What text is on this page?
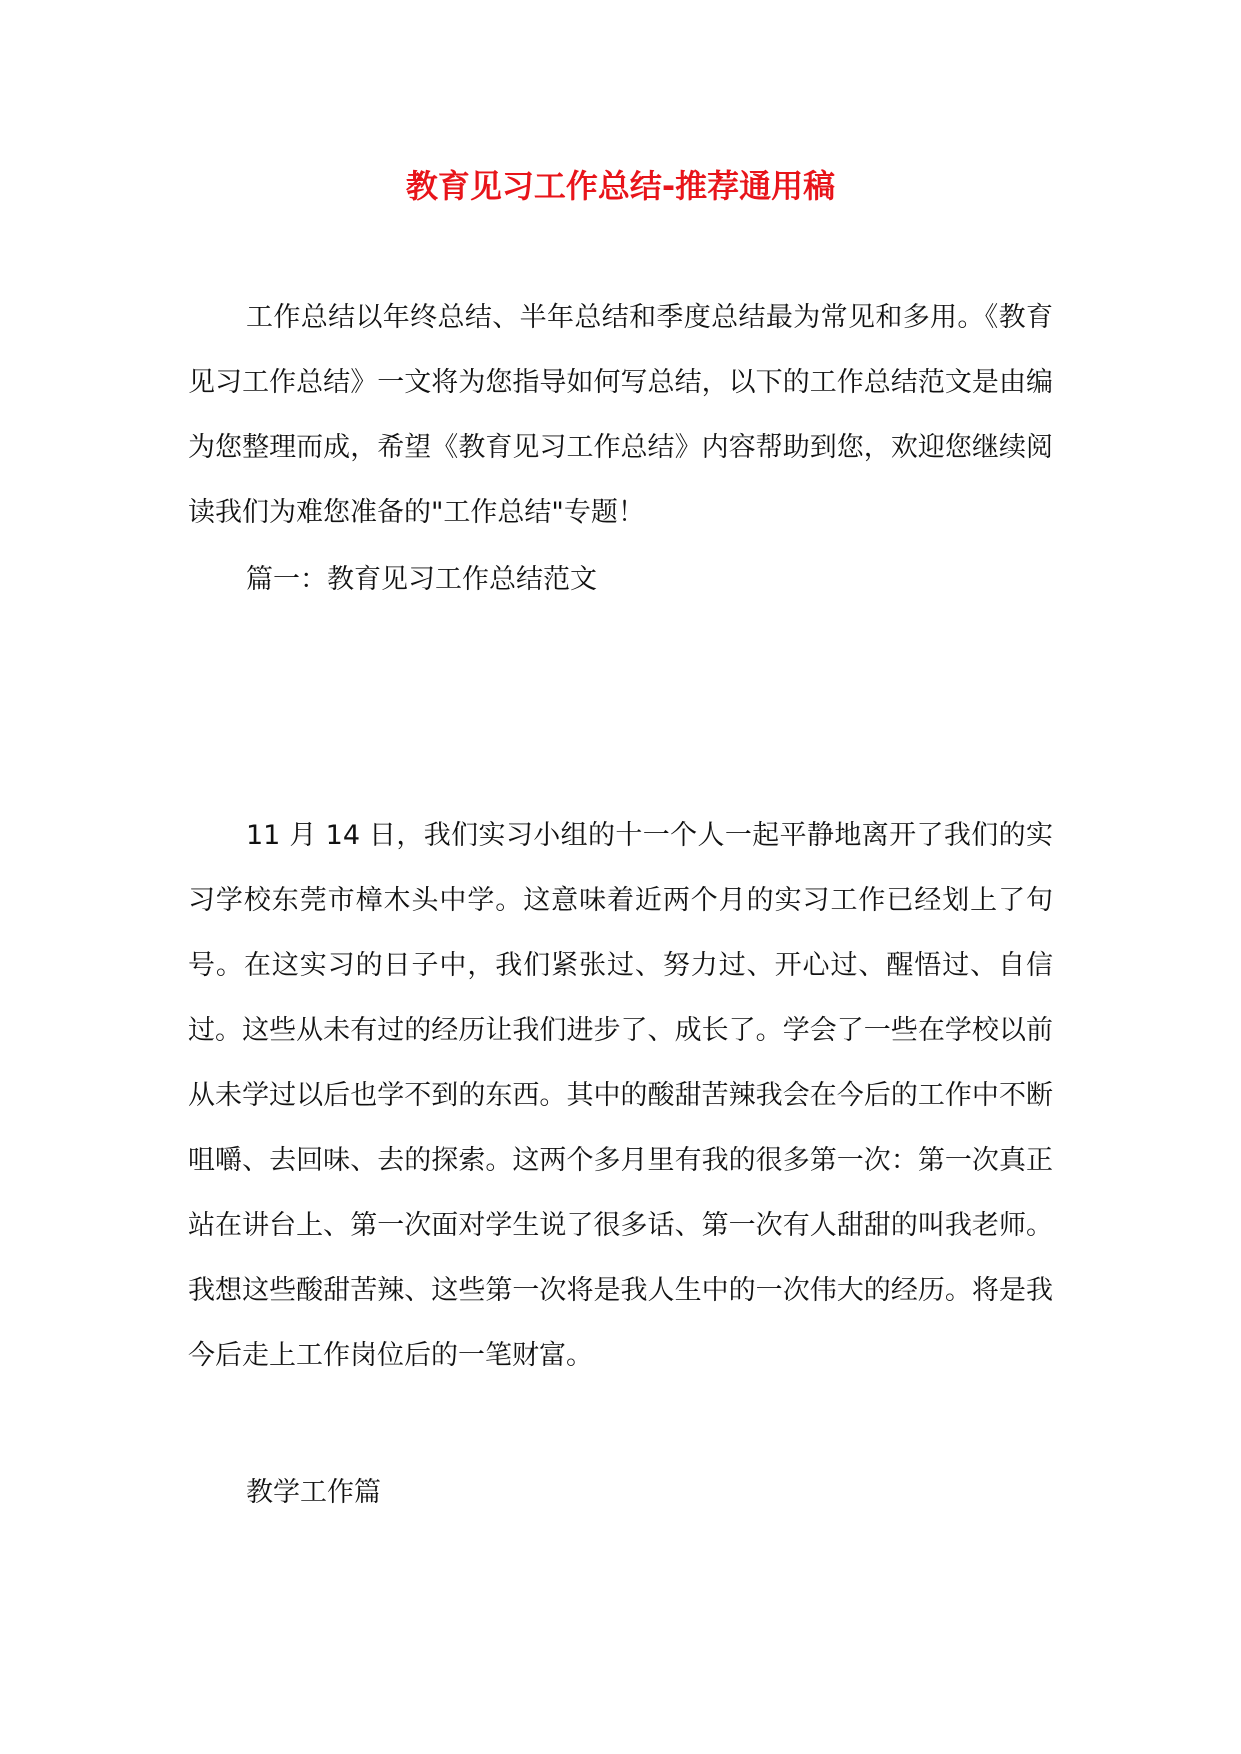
教育见习工作总结-推荐通用稿

工作总结以年终总结、半年总结和季度总结最为常见和多用。《教育见习工作总结》一文将为您指导如何写总结，以下的工作总结范文是由编为您整理而成，希望《教育见习工作总结》内容帮助到您，欢迎您继续阅读我们为难您准备的"工作总结"专题！

篇一：教育见习工作总结范文

11 月 14 日，我们实习小组的十一个人一起平静地离开了我们的实习学校东莞市樟木头中学。这意味着近两个月的实习工作已经划上了句号。在这实习的日子中，我们紧张过、努力过、开心过、醒悟过、自信过。这些从未有过的经历让我们进步了、成长了。学会了一些在学校以前从未学过以后也学不到的东西。其中的酸甜苦辣我会在今后的工作中不断咀嚼、去回味、去的探索。这两个多月里有我的很多第一次：第一次真正站在讲台上、第一次面对学生说了很多话、第一次有人甜甜的叫我老师。我想这些酸甜苦辣、这些第一次将是我人生中的一次伟大的经历。将是我今后走上工作岗位后的一笔财富。

教学工作篇
